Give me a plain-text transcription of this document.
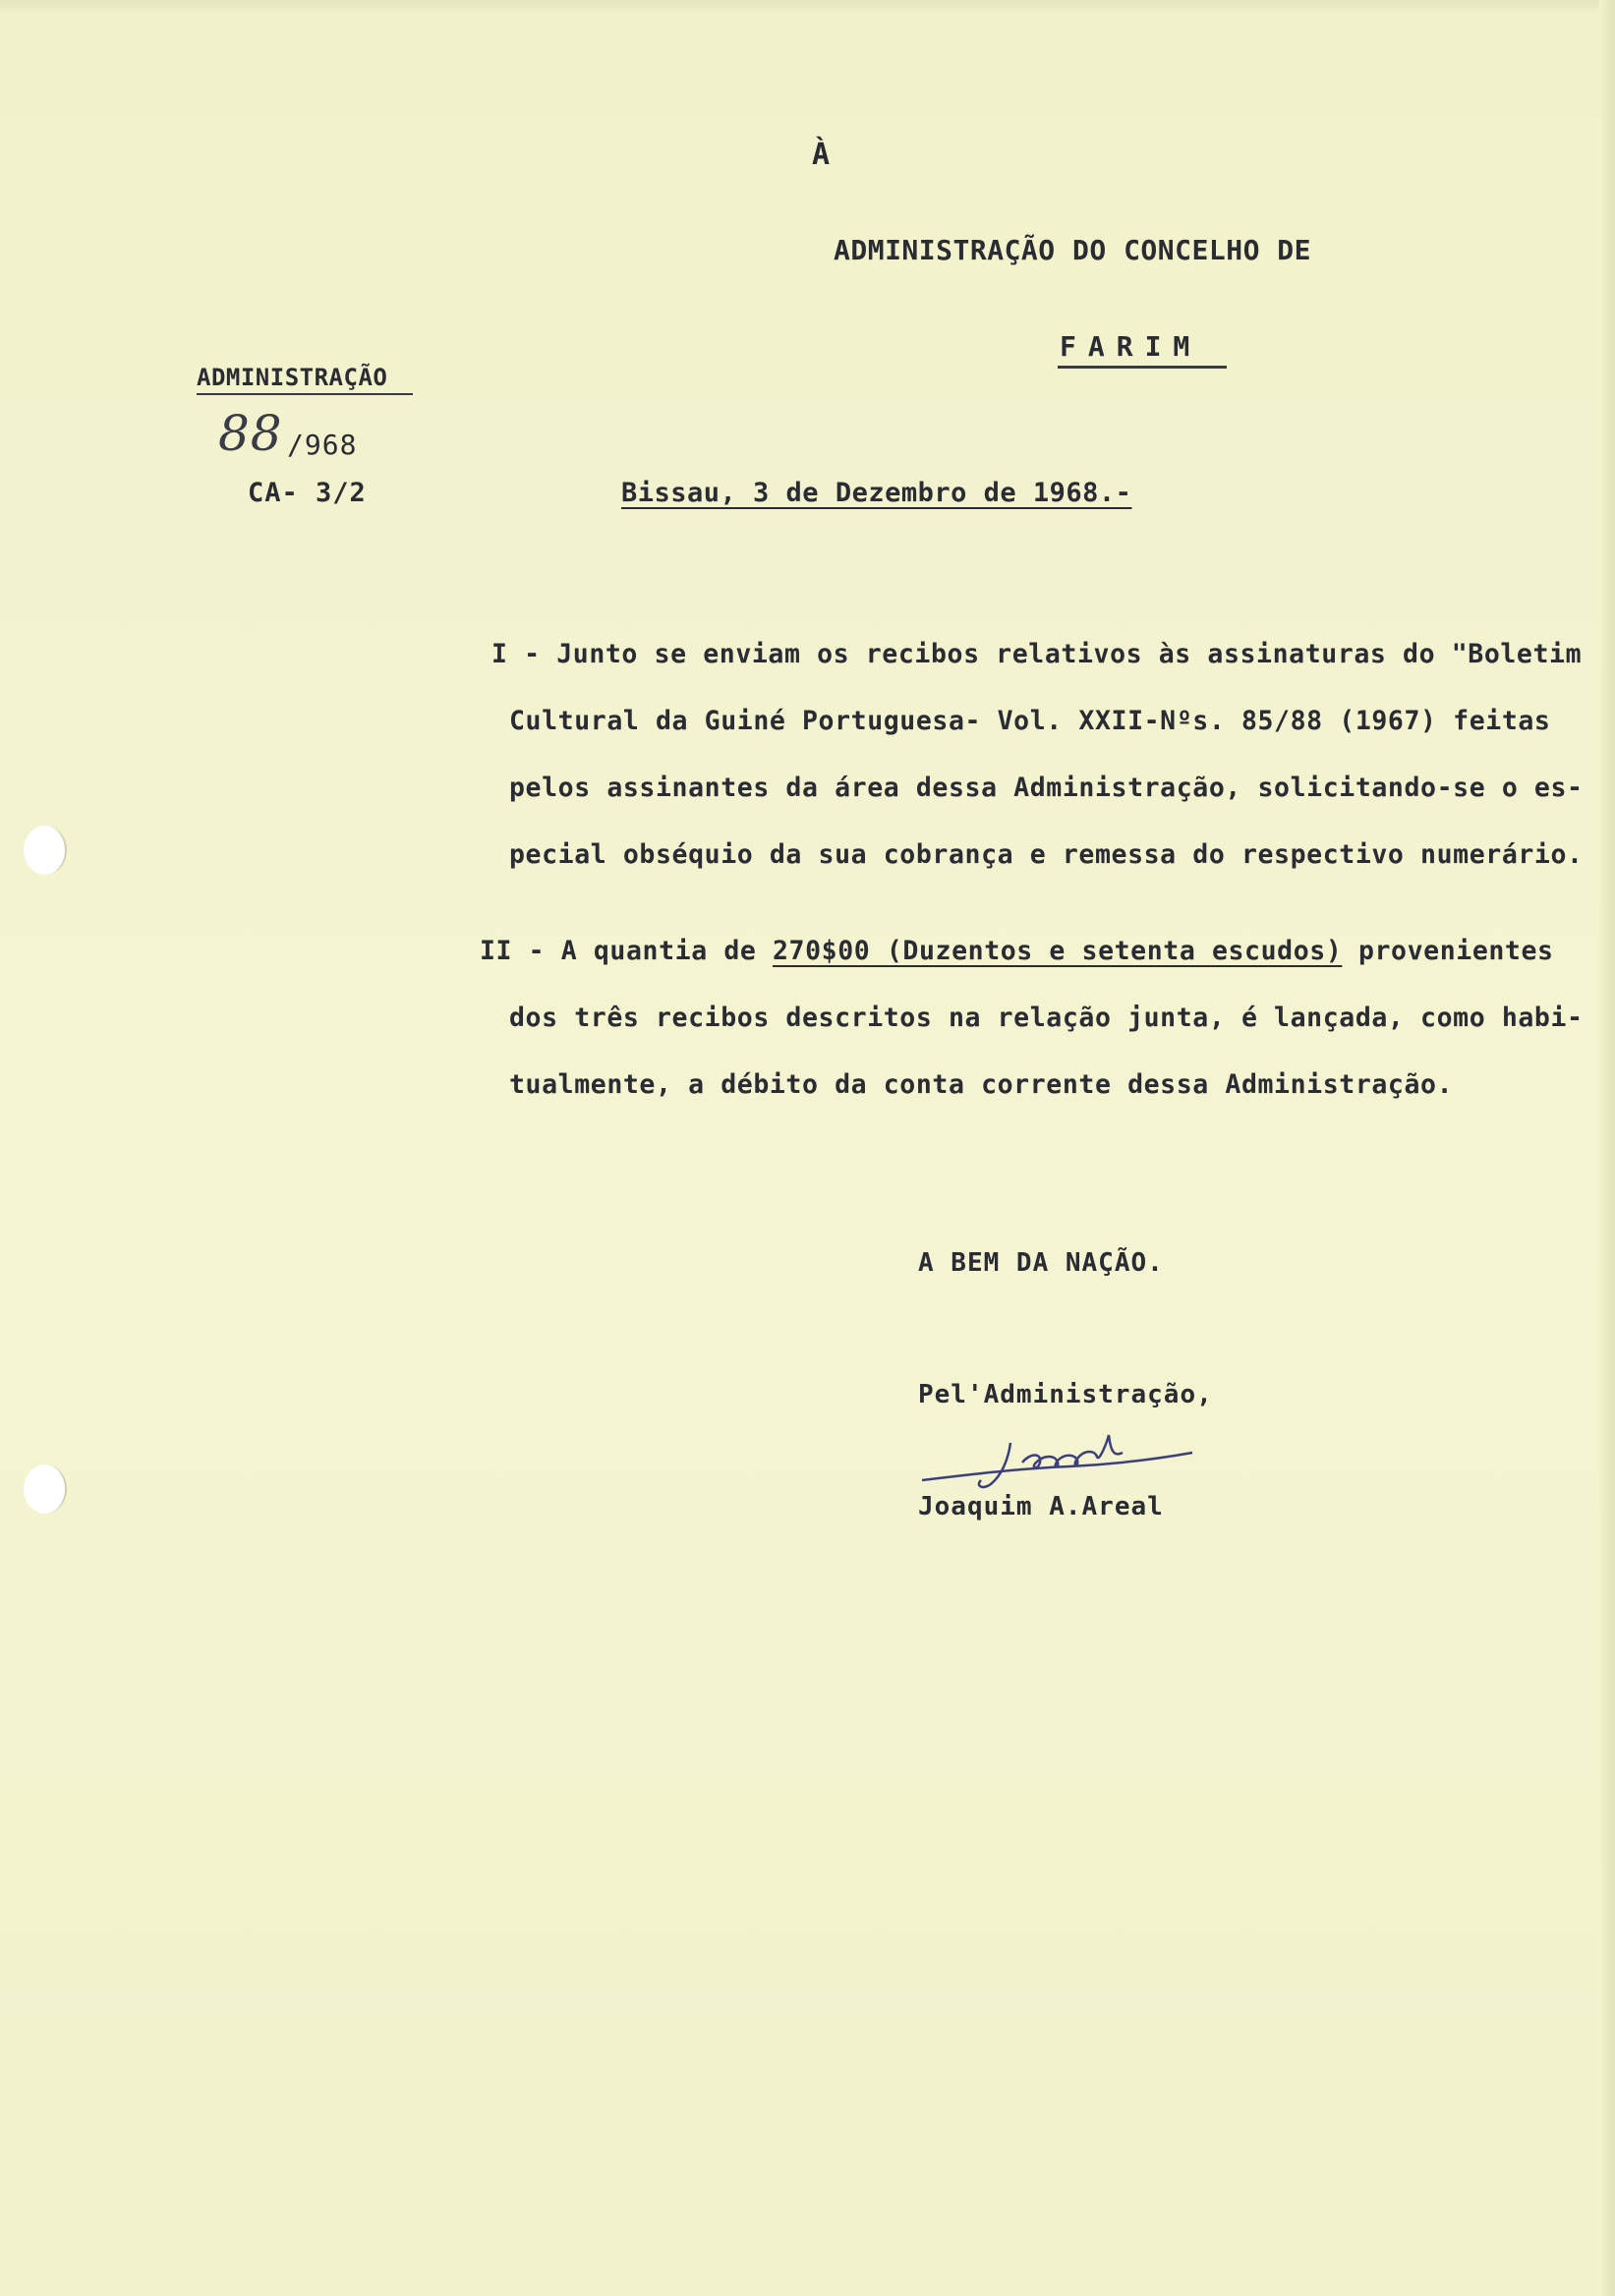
À
ADMINISTRAÇÃO DO CONCELHO DE
FARIM
ADMINISTRAÇÃO
88 /968
CA- 3/2	Bissau, 3 de Dezembro de 1968.-
I - Junto se enviam os recibos relativos às assinaturas do "Boletim
Cultural da Guiné Portuguesa- Vol. XXII-Nºs. 85/88 (1967) feitas
pelos assinantes da área dessa Administração, solicitando-se o es-
pecial obséquio da sua cobrança e remessa do respectivo numerário.
II - A quantia de 270$00 (Duzentos e setenta escudos) provenientes
dos três recibos descritos na relação junta, é lançada, como habi-
tualmente, a débito da conta corrente dessa Administração.
A BEM DA NAÇÃO.
Pel'Administração,
Joaquim A.Areal
